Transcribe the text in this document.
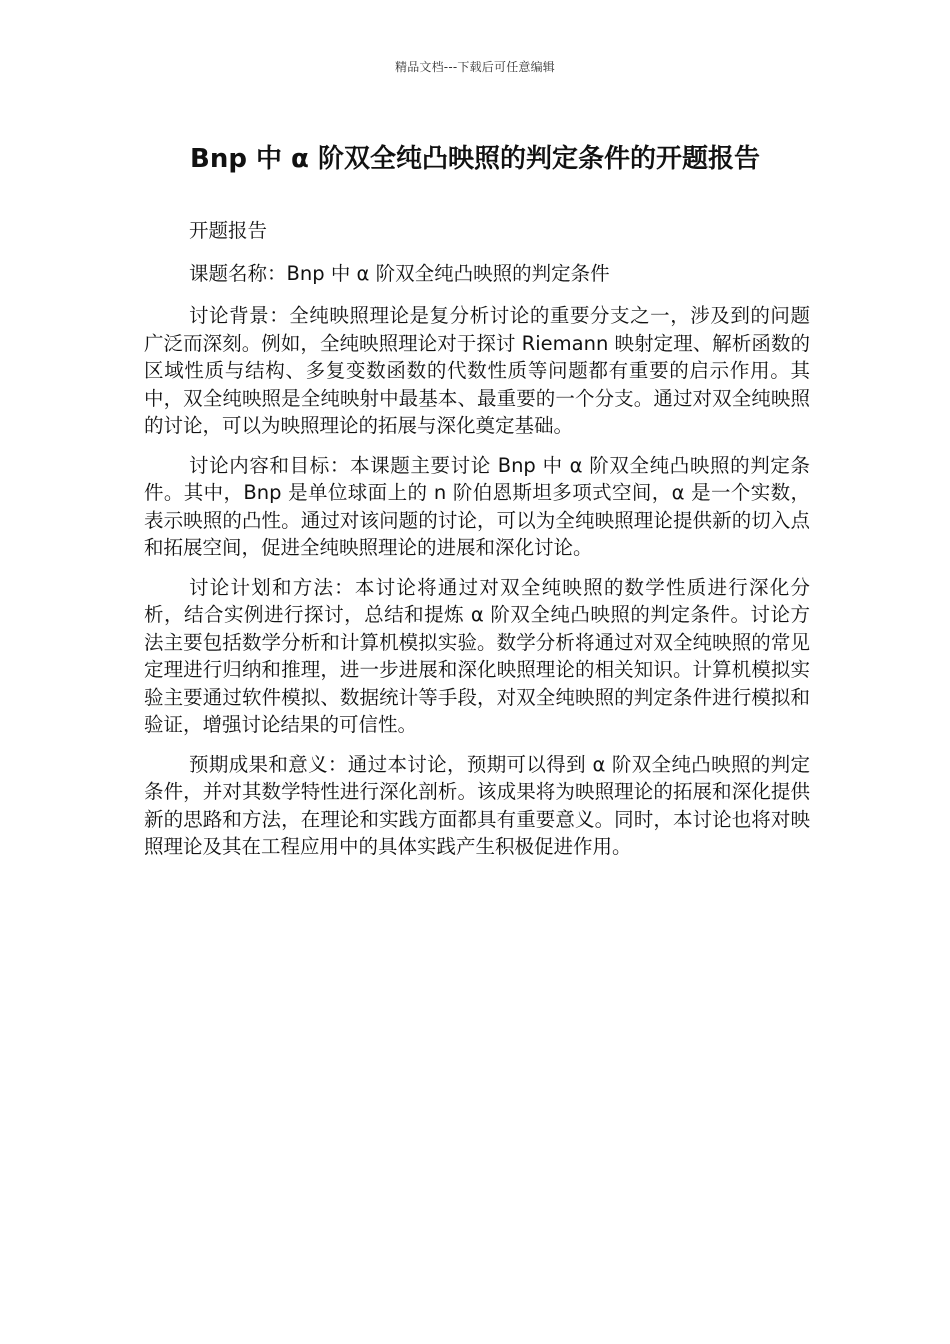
精品文档---下载后可任意编辑
Bnp 中 α 阶双全纯凸映照的判定条件的开题报告

开题报告

课题名称：Bnp 中 α 阶双全纯凸映照的判定条件

讨论背景：全纯映照理论是复分析讨论的重要分支之一，涉及到的问题广泛而深刻。例如，全纯映照理论对于探讨 Riemann 映射定理、解析函数的区域性质与结构、多复变数函数的代数性质等问题都有重要的启示作用。其中，双全纯映照是全纯映射中最基本、最重要的一个分支。通过对双全纯映照的讨论，可以为映照理论的拓展与深化奠定基础。

讨论内容和目标：本课题主要讨论 Bnp 中 α 阶双全纯凸映照的判定条件。其中，Bnp 是单位球面上的 n 阶伯恩斯坦多项式空间，α 是一个实数，表示映照的凸性。通过对该问题的讨论，可以为全纯映照理论提供新的切入点和拓展空间，促进全纯映照理论的进展和深化讨论。

讨论计划和方法：本讨论将通过对双全纯映照的数学性质进行深化分析，结合实例进行探讨，总结和提炼 α 阶双全纯凸映照的判定条件。讨论方法主要包括数学分析和计算机模拟实验。数学分析将通过对双全纯映照的常见定理进行归纳和推理，进一步进展和深化映照理论的相关知识。计算机模拟实验主要通过软件模拟、数据统计等手段，对双全纯映照的判定条件进行模拟和验证，增强讨论结果的可信性。

预期成果和意义：通过本讨论，预期可以得到 α 阶双全纯凸映照的判定条件，并对其数学特性进行深化剖析。该成果将为映照理论的拓展和深化提供新的思路和方法，在理论和实践方面都具有重要意义。同时，本讨论也将对映照理论及其在工程应用中的具体实践产生积极促进作用。
